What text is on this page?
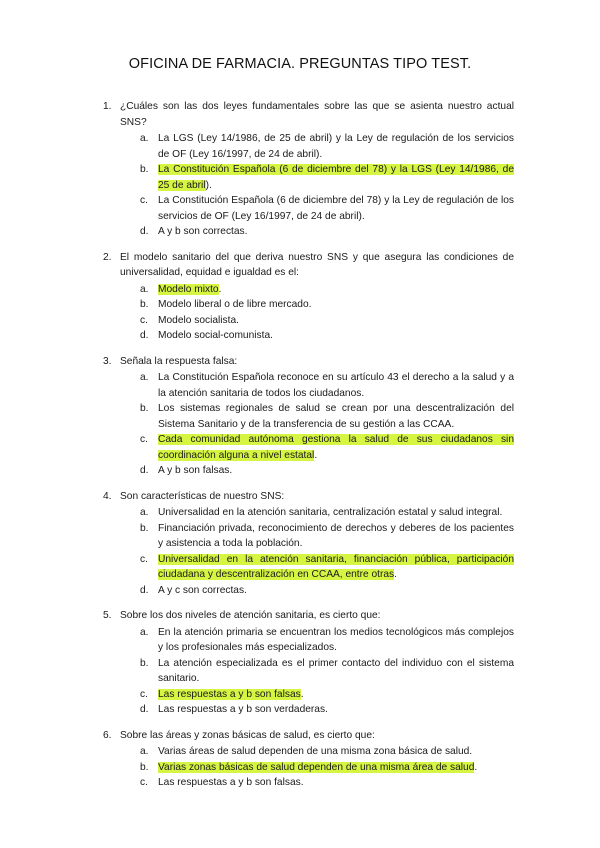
OFICINA DE FARMACIA. PREGUNTAS TIPO TEST.
1. ¿Cuáles son las dos leyes fundamentales sobre las que se asienta nuestro actual SNS?
a. La LGS (Ley 14/1986, de 25 de abril) y la Ley de regulación de los servicios de OF (Ley 16/1997, de 24 de abril).
b. La Constitución Española (6 de diciembre del 78) y la LGS (Ley 14/1986, de 25 de abril).
c. La Constitución Española (6 de diciembre del 78) y la Ley de regulación de los servicios de OF (Ley 16/1997, de 24 de abril).
d. A y b son correctas.
2. El modelo sanitario del que deriva nuestro SNS y que asegura las condiciones de universalidad, equidad e igualdad es el:
a. Modelo mixto.
b. Modelo liberal o de libre mercado.
c. Modelo socialista.
d. Modelo social-comunista.
3. Señala la respuesta falsa:
a. La Constitución Española reconoce en su artículo 43 el derecho a la salud y a la atención sanitaria de todos los ciudadanos.
b. Los sistemas regionales de salud se crean por una descentralización del Sistema Sanitario y de la transferencia de su gestión a las CCAA.
c. Cada comunidad autónoma gestiona la salud de sus ciudadanos sin coordinación alguna a nivel estatal.
d. A y b son falsas.
4. Son características de nuestro SNS:
a. Universalidad en la atención sanitaria, centralización estatal y salud integral.
b. Financiación privada, reconocimiento de derechos y deberes de los pacientes y asistencia a toda la población.
c. Universalidad en la atención sanitaria, financiación pública, participación ciudadana y descentralización en CCAA, entre otras.
d. A y c son correctas.
5. Sobre los dos niveles de atención sanitaria, es cierto que:
a. En la atención primaria se encuentran los medios tecnológicos más complejos y los profesionales más especializados.
b. La atención especializada es el primer contacto del individuo con el sistema sanitario.
c. Las respuestas a y b son falsas.
d. Las respuestas a y b son verdaderas.
6. Sobre las áreas y zonas básicas de salud, es cierto que:
a. Varias áreas de salud dependen de una misma zona básica de salud.
b. Varias zonas básicas de salud dependen de una misma área de salud.
c. Las respuestas a y b son falsas.
